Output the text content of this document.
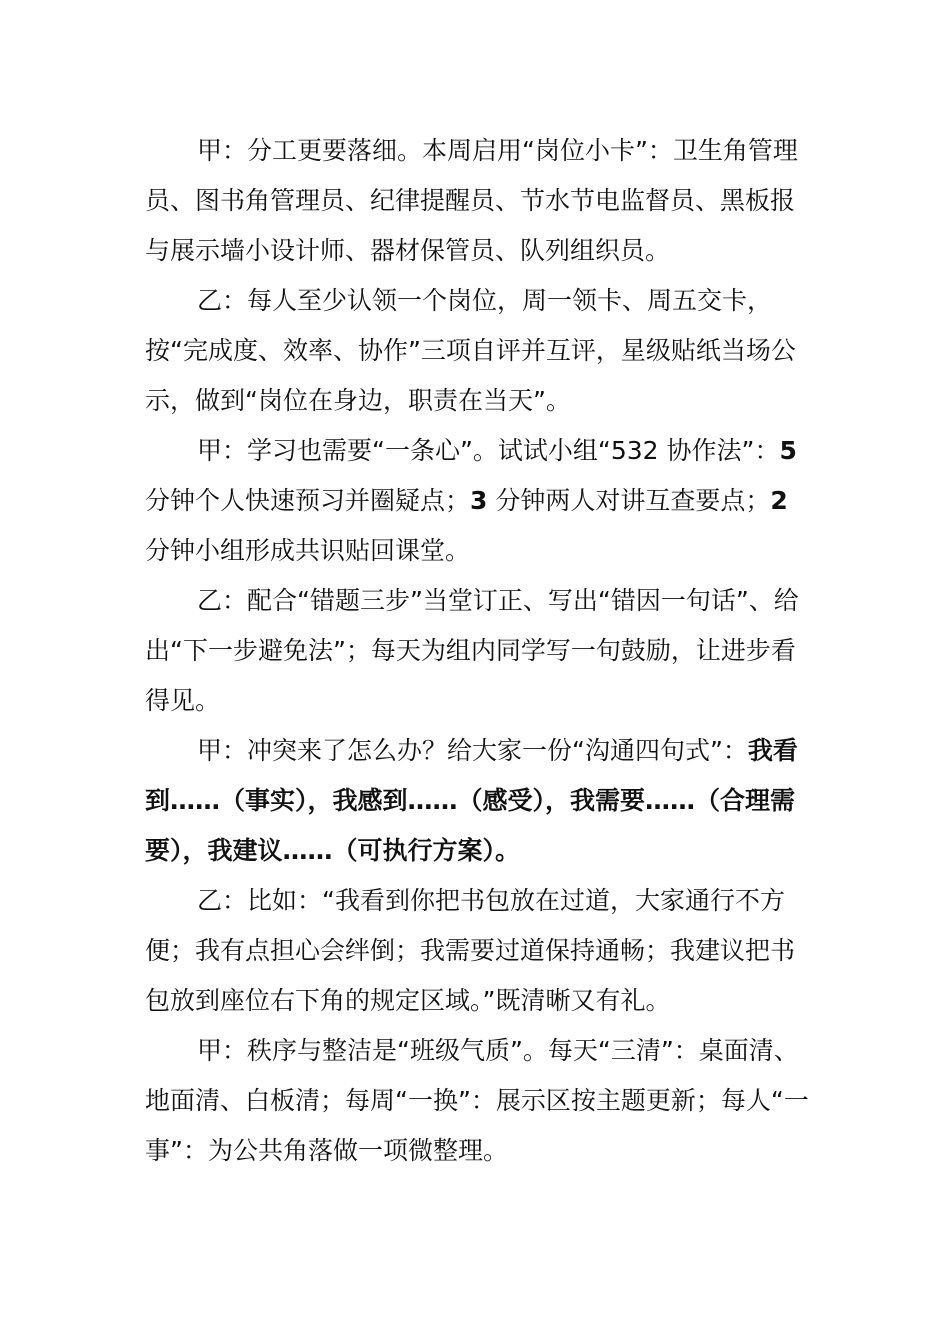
甲：分工更要落细。本周启用“岗位小卡”：卫生角管理员、图书角管理员、纪律提醒员、节水节电监督员、黑板报与展示墙小设计师、器材保管员、队列组织员。

乙：每人至少认领一个岗位，周一领卡、周五交卡，按“完成度、效率、协作”三项自评并互评，星级贴纸当场公示，做到“岗位在身边，职责在当天”。

甲：学习也需要“一条心”。试试小组“532 协作法”：5 分钟个人快速预习并圈疑点；3 分钟两人对讲互查要点；2 分钟小组形成共识贴回课堂。

乙：配合“错题三步”当堂订正、写出“错因一句话”、给出“下一步避免法”；每天为组内同学写一句鼓励，让进步看得见。

甲：冲突来了怎么办？给大家一份“沟通四句式”：我看到……（事实），我感到……（感受），我需要……（合理需要），我建议……（可执行方案）。

乙：比如：“我看到你把书包放在过道，大家通行不方便；我有点担心会绊倒；我需要过道保持通畅；我建议把书包放到座位右下角的规定区域。”既清晰又有礼。

甲：秩序与整洁是“班级气质”。每天“三清”：桌面清、地面清、白板清；每周“一换”：展示区按主题更新；每人“一事”：为公共角落做一项微整理。
